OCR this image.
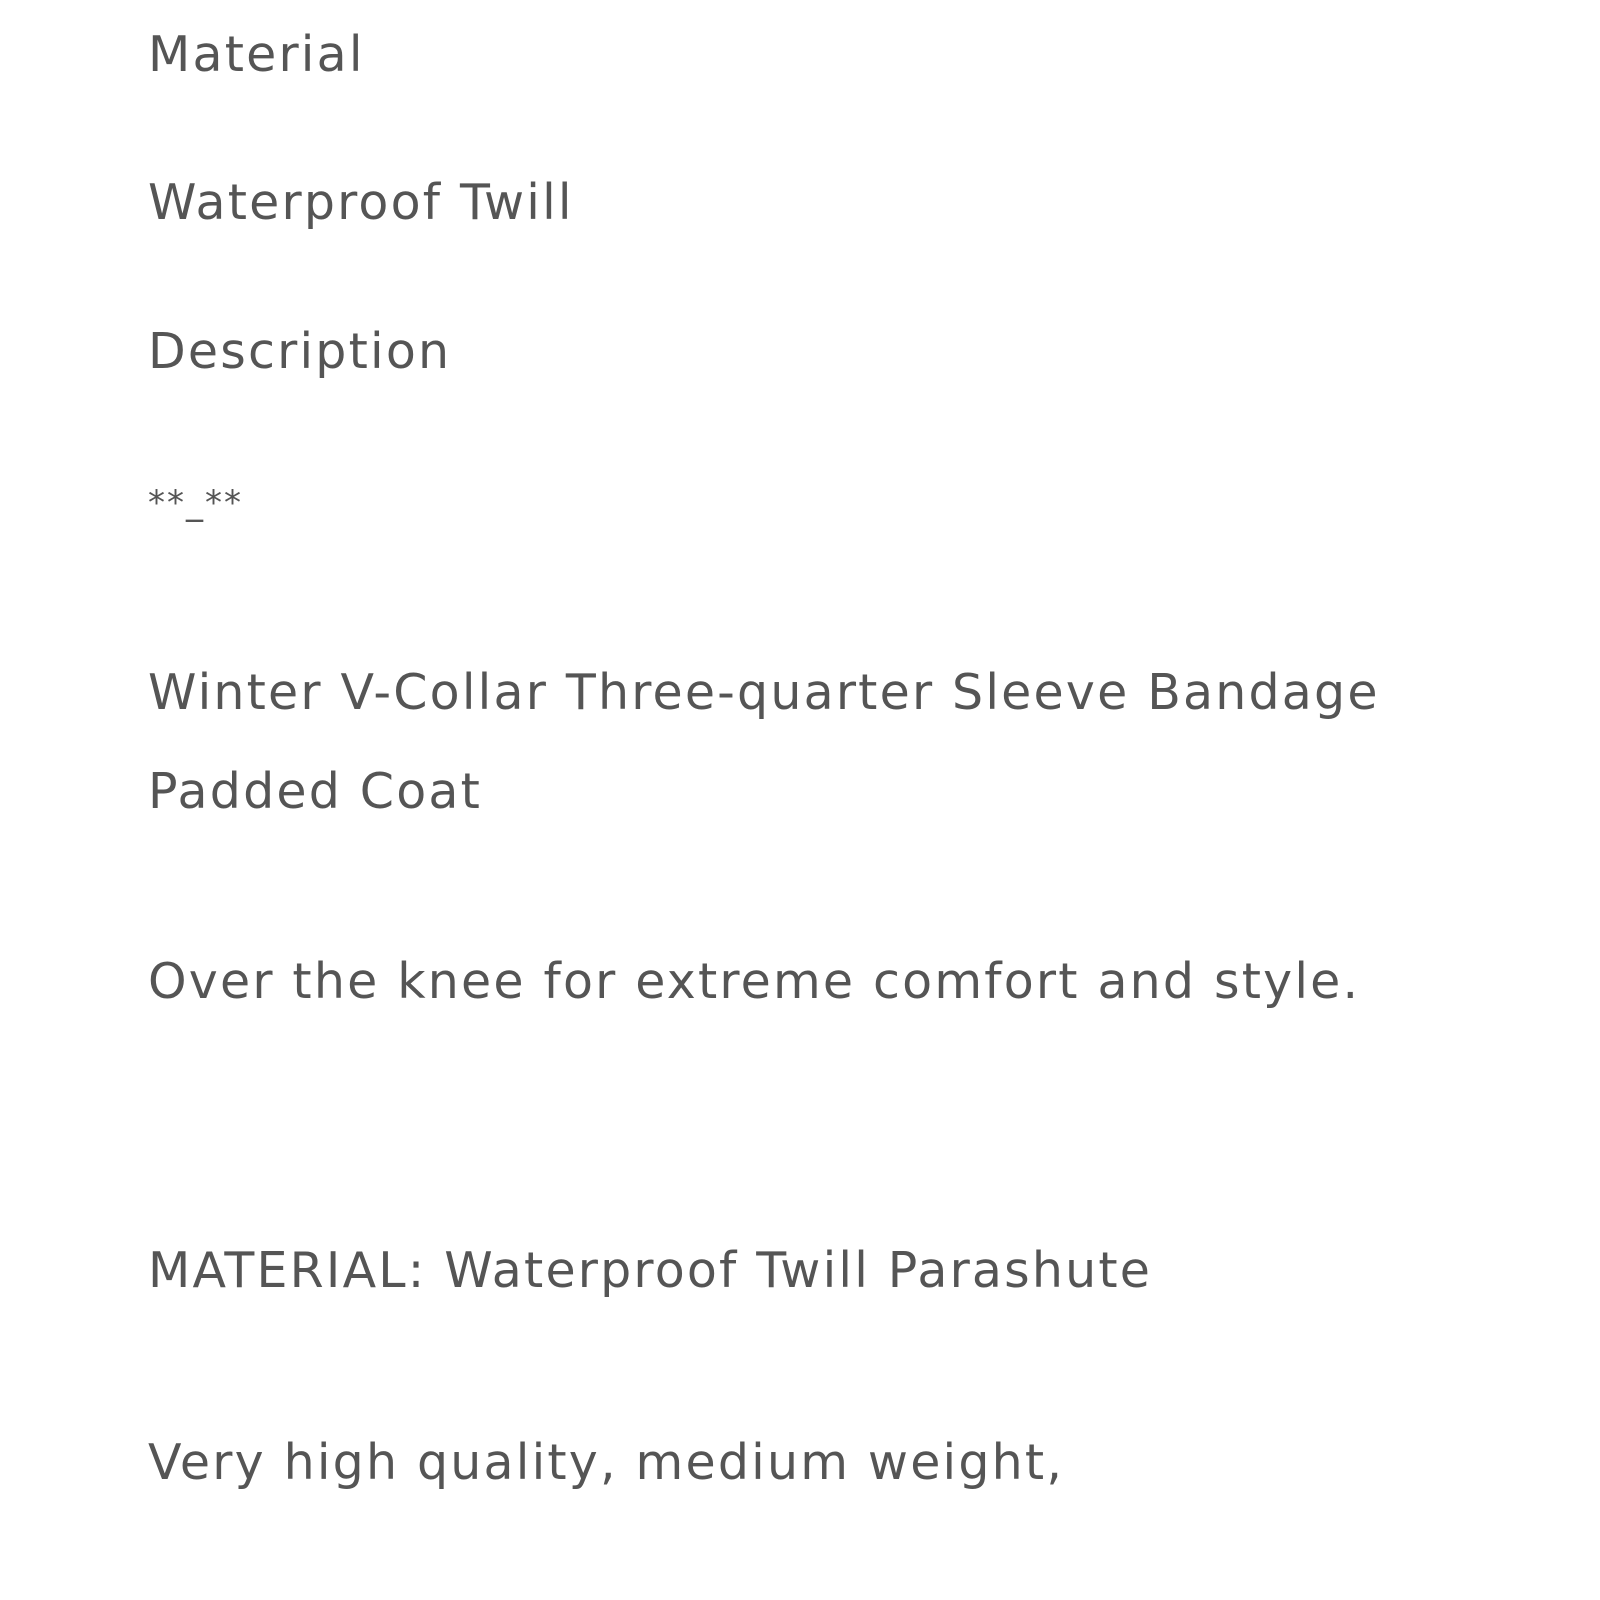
Material

Waterproof Twill

Description

**_**

Winter V-Collar Three-quarter Sleeve Bandage Padded Coat

Over the knee for extreme comfort and style.

MATERIAL: Waterproof Twill Parashute

Very high quality, medium weight,
